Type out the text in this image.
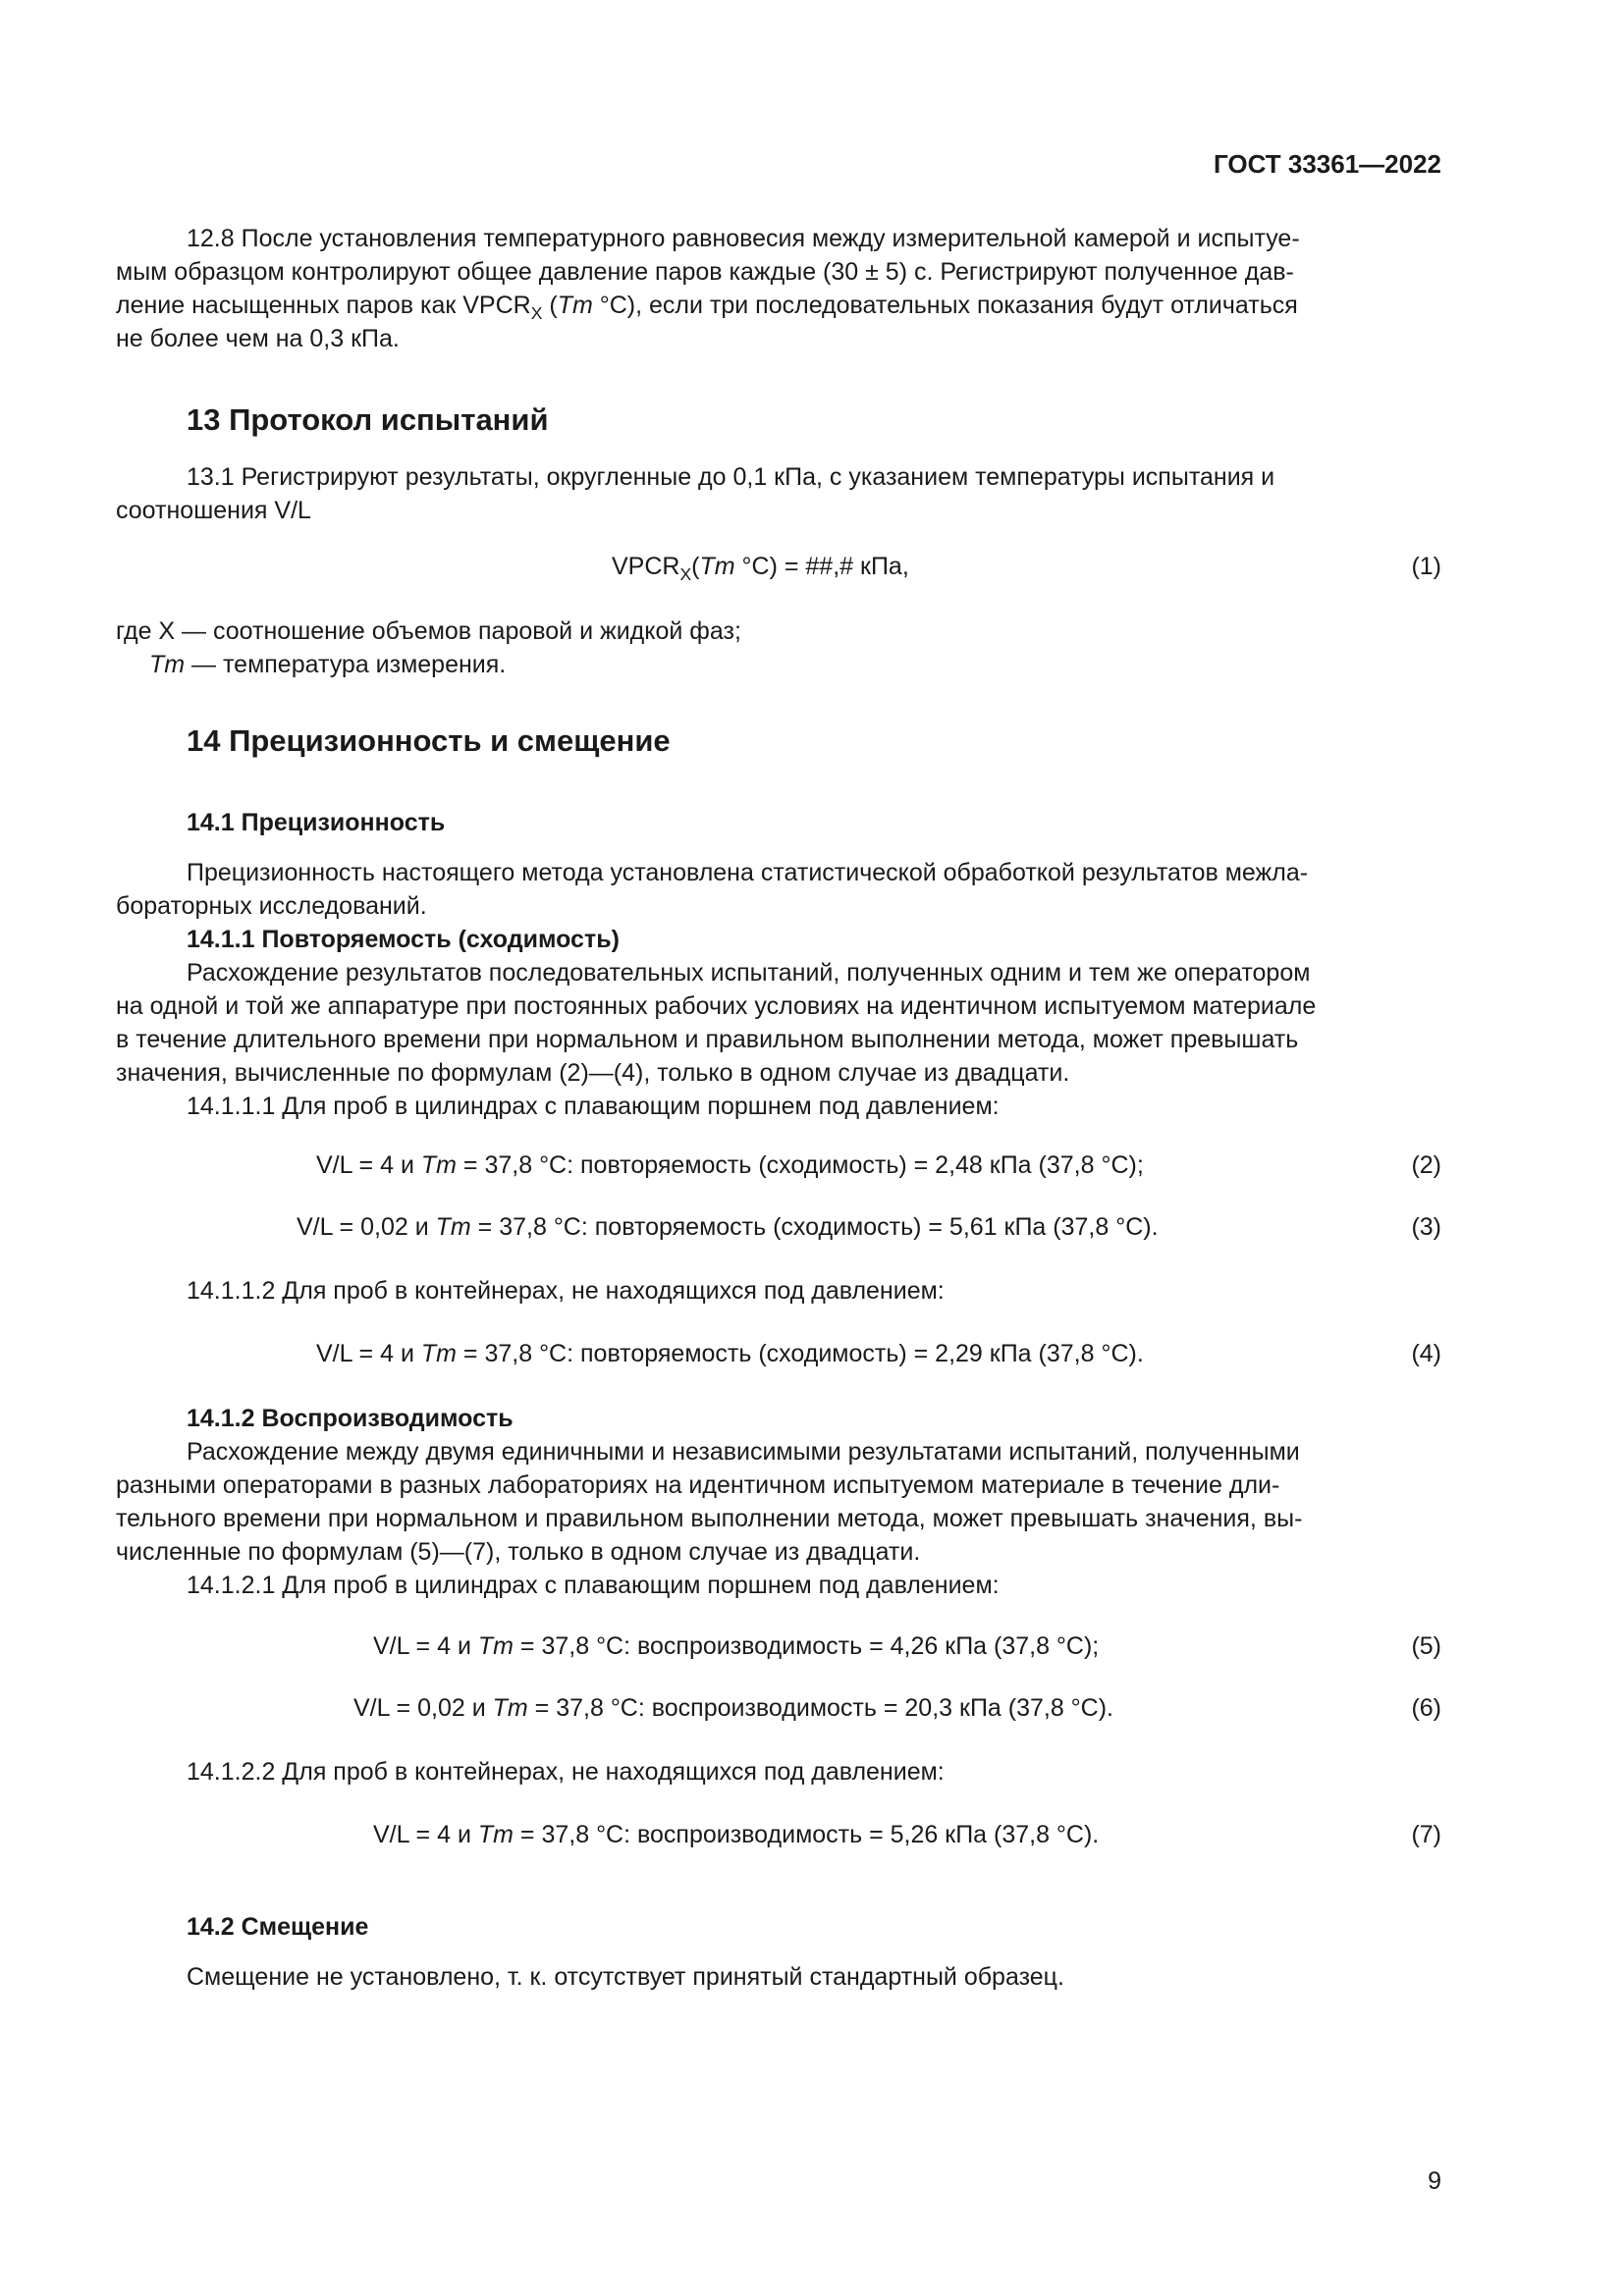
ГОСТ 33361—2022

12.8 После установления температурного равновесия между измерительной камерой и испытуе-

мым образцом контролируют общее давление паров каждые (30 ± 5) с. Регистрируют полученное дав-

ление насыщенных паров как $VPCR_X$ (Tm °С), если три последовательных показания будут отличаться

не более чем на 0,3 кПа.

13 Протокол испытаний

13.1 Регистрируют результаты, округленные до 0,1 кПа, с указанием температуры испытания и

соотношения V/L

$VPCR_X(Tm$ °С) = ##,# кПа,	(1)

где Х — соотношение объемов паровой и жидкой фаз;

Tm — температура измерения.

14 Прецизионность и смещение
14.1 Прецизионность

Прецизионность настоящего метода установлена статистической обработкой результатов межла-

бораторных исследований.

14.1.1 Повторяемость (сходимость)

Расхождение результатов последовательных испытаний, полученных одним и тем же оператором

на одной и той же аппаратуре при постоянных рабочих условиях на идентичном испытуемом материале

в течение длительного времени при нормальном и правильном выполнении метода, может превышать

значения, вычисленные по формулам (2)—(4), только в одном случае из двадцати.

14.1.1.1 Для проб в цилиндрах с плавающим поршнем под давлением:

V/L = 4 и Tm = 37,8 °С: повторяемость (сходимость) = 2,48 кПа (37,8 °С);	(2)
V/L = 0,02 и Tm = 37,8 °С: повторяемость (сходимость) = 5,61 кПа (37,8 °С).	(3)

14.1.1.2 Для проб в контейнерах, не находящихся под давлением:

V/L = 4 и Tm = 37,8 °С: повторяемость (сходимость) = 2,29 кПа (37,8 °С).	(4)
14.1.2 Воспроизводимость

Расхождение между двумя единичными и независимыми результатами испытаний, полученными

разными операторами в разных лабораториях на идентичном испытуемом материале в течение дли-

тельного времени при нормальном и правильном выполнении метода, может превышать значения, вы-

численные по формулам (5)—(7), только в одном случае из двадцати.

14.1.2.1 Для проб в цилиндрах с плавающим поршнем под давлением:

V/L = 4 и Tm = 37,8 °С: воспроизводимость = 4,26 кПа (37,8 °С);	(5)
V/L = 0,02 и Tm = 37,8 °С: воспроизводимость = 20,3 кПа (37,8 °С).	(6)

14.1.2.2 Для проб в контейнерах, не находящихся под давлением:

V/L = 4 и Tm = 37,8 °С: воспроизводимость = 5,26 кПа (37,8 °С).	(7)
14.2 Смещение

Смещение не установлено, т. к. отсутствует принятый стандартный образец.

9
